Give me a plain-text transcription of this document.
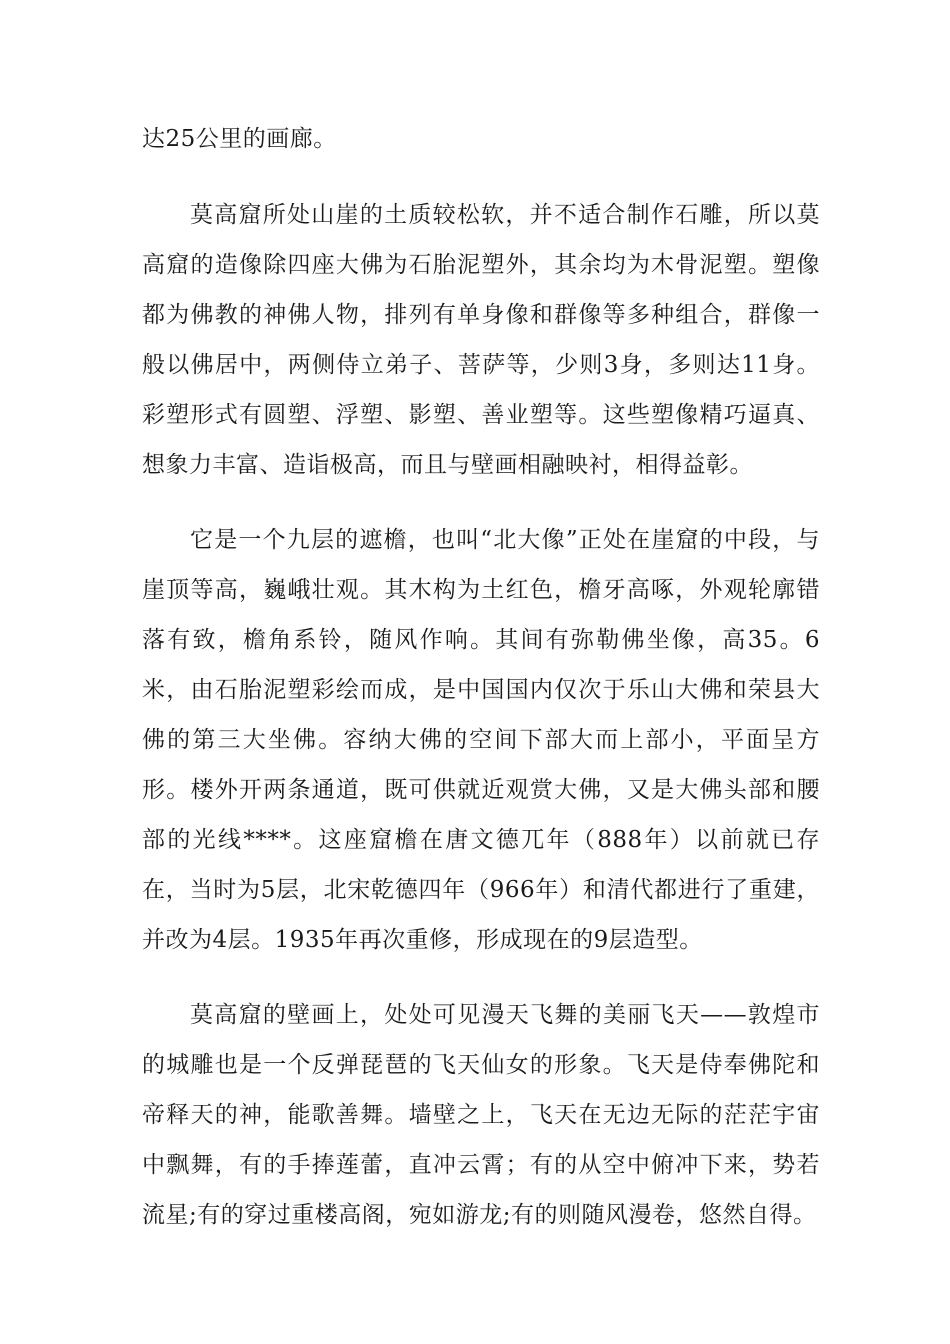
达25公里的画廊。

莫高窟所处山崖的土质较松软，并不适合制作石雕，所以莫高窟的造像除四座大佛为石胎泥塑外，其余均为木骨泥塑。塑像都为佛教的神佛人物，排列有单身像和群像等多种组合，群像一般以佛居中，两侧侍立弟子、菩萨等，少则3身，多则达11身。彩塑形式有圆塑、浮塑、影塑、善业塑等。这些塑像精巧逼真、想象力丰富、造诣极高，而且与壁画相融映衬，相得益彰。

它是一个九层的遮檐，也叫“北大像”正处在崖窟的中段，与崖顶等高，巍峨壮观。其木构为土红色，檐牙高啄，外观轮廓错落有致，檐角系铃，随风作响。其间有弥勒佛坐像，高35。6米，由石胎泥塑彩绘而成，是中国国内仅次于乐山大佛和荣县大佛的第三大坐佛。容纳大佛的空间下部大而上部小，平面呈方形。楼外开两条通道，既可供就近观赏大佛，又是大佛头部和腰部的光线****。这座窟檐在唐文德兀年（888年）以前就已存在，当时为5层，北宋乾德四年（966年）和清代都进行了重建，并改为4层。1935年再次重修，形成现在的9层造型。

莫高窟的壁画上，处处可见漫天飞舞的美丽飞天——敦煌市的城雕也是一个反弹琵琶的飞天仙女的形象。飞天是侍奉佛陀和帝释天的神，能歌善舞。墙壁之上，飞天在无边无际的茫茫宇宙中飘舞，有的手捧莲蕾，直冲云霄；有的从空中俯冲下来，势若流星;有的穿过重楼高阁，宛如游龙;有的则随风漫卷，悠然自得。
